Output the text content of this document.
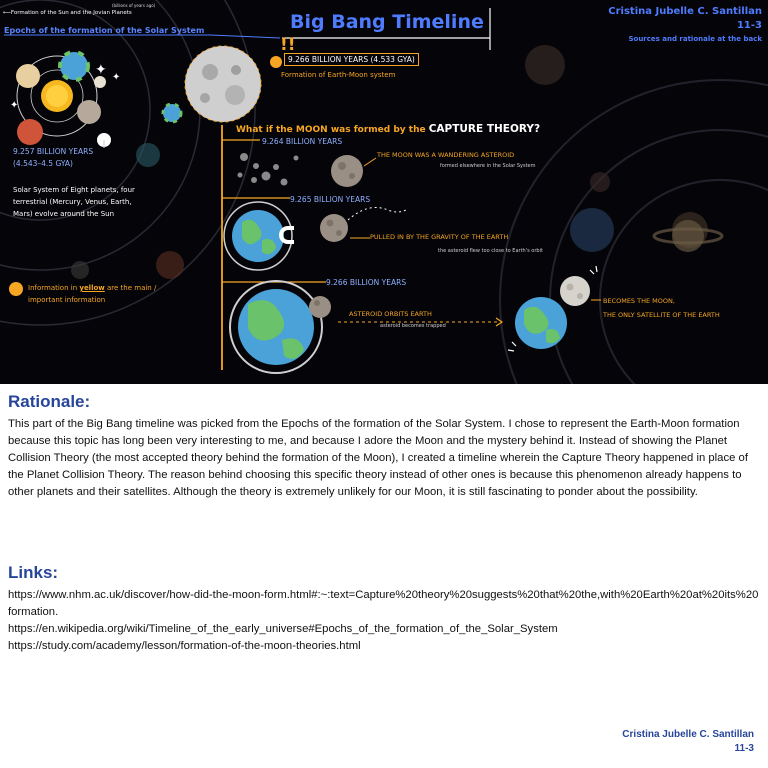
✦ ✦
✦
!!
⟵Formation of the Sun and the Jovian Planets
(billions of years ago)
Epochs of the formation of the Solar System	Big Bang Timeline	Cristina Jubelle C. Santillan
11-3
Sources and rationale at the back
9.266 BILLION YEARS (4.533 GYA)
Formation of Earth-Moon system
What if the MOON was formed by the CAPTURE THEORY?
9.264 BILLION YEARS
THE MOON WAS A WANDERING ASTEROID
formed elsewhere in the Solar System
9.265 BILLION YEARS
PULLED IN BY THE GRAVITY OF THE EARTH
the asteroid flew too close to Earth's orbit
9.266 BILLION YEARS
ASTEROID ORBITS EARTH
asteroid becomes trapped
BECOMES THE MOON,
THE ONLY SATELLITE OF THE EARTH
9.257 BILLION YEARS
(4.543–4.5 GYA)
Solar System of Eight planets, four terrestrial (Mercury, Venus, Earth, Mars) evolve around the Sun
Information in yellow are the main / important information
Rationale:
This part of the Big Bang timeline was picked from the Epochs of the formation of the Solar System. I chose to represent the Earth-Moon formation because this topic has long been very interesting to me, and because I adore the Moon and the mystery behind it. Instead of showing the Planet Collision Theory (the most accepted theory behind the formation of the Moon), I created a timeline wherein the Capture Theory happened in place of the Planet Collision Theory. The reason behind choosing this specific theory instead of other ones is because this phenomenon already happens to other planets and their satellites. Although the theory is extremely unlikely for our Moon, it is still fascinating to ponder about the possibility.
Links:
https://www.nhm.ac.uk/discover/how-did-the-moon-form.html#:~:text=Capture%20theory%20suggests%20that%20the,with%20Earth%20at%20its%20formation.
https://en.wikipedia.org/wiki/Timeline_of_the_early_universe#Epochs_of_the_formation_of_the_Solar_System
https://study.com/academy/lesson/formation-of-the-moon-theories.html
Cristina Jubelle C. Santillan
11-3
